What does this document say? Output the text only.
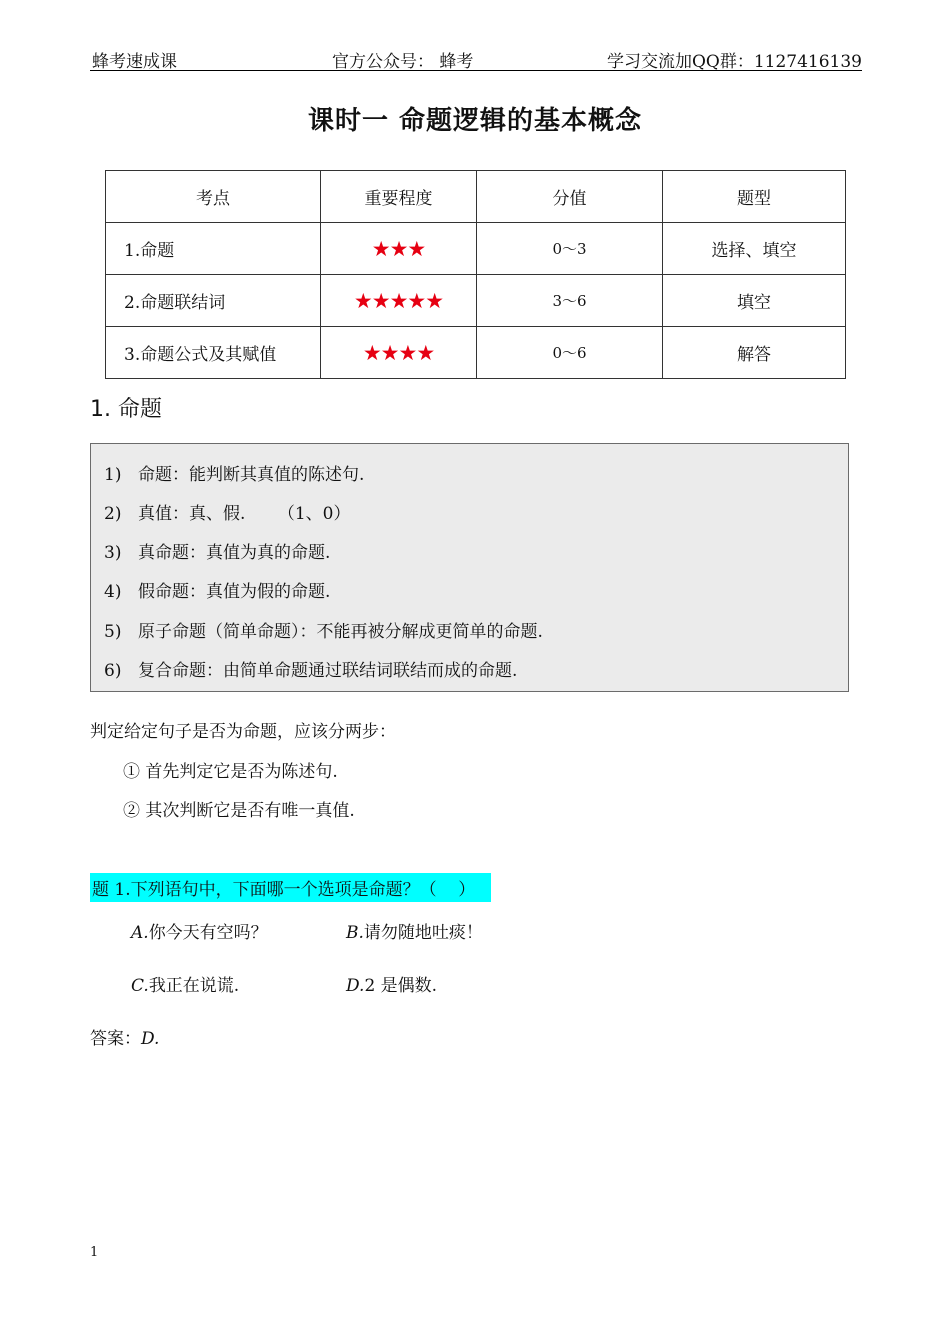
蜂考速成课	官方公众号： 蜂考	学习交流加QQ群：1127416139
课时一 命题逻辑的基本概念
考点	重要程度	分值	题型
1.命题	★★★	0～3	选择、填空
2.命题联结词	★★★★★	3～6	填空
3.命题公式及其赋值	★★★★	0～6	解答
1. 命题
1) 命题：能判断其真值的陈述句.
2) 真值：真、假.      （1、0）
3) 真命题：真值为真的命题.
4) 假命题：真值为假的命题.
5) 原子命题（简单命题）：不能再被分解成更简单的命题.
6) 复合命题：由简单命题通过联结词联结而成的命题.
判定给定句子是否为命题，应该分两步：
① 首先判定它是否为陈述句.
② 其次判断它是否有唯一真值.
题 1.下列语句中，下面哪一个选项是命题？（    ）
A.你今天有空吗？	B.请勿随地吐痰！
C.我正在说谎.	D.2 是偶数.
答案：D.
1
